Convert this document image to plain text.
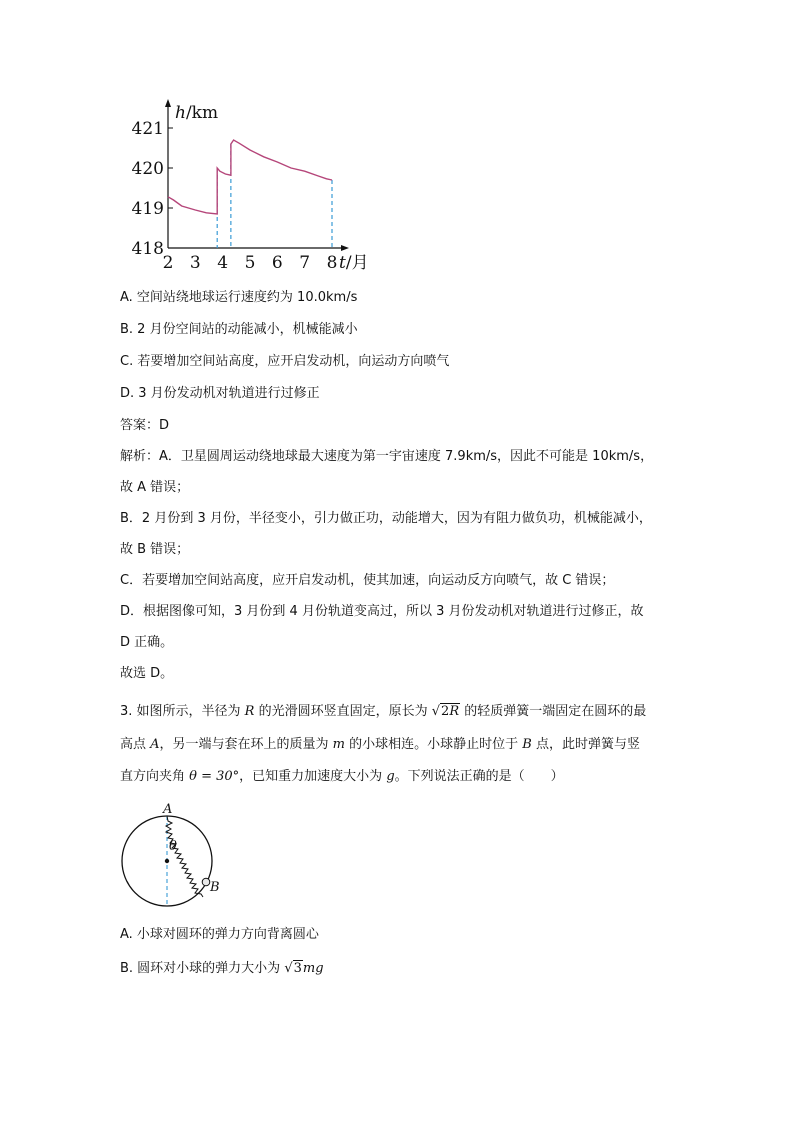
h/km
t/月
418
419
420
421
2 3 4 5 6 7 8
A. 空间站绕地球运行速度约为 10.0km/s
B. 2 月份空间站的动能减小，机械能减小
C. 若要增加空间站高度，应开启发动机，向运动方向喷气
D. 3 月份发动机对轨道进行过修正
答案：D
解析：A．卫星圆周运动绕地球最大速度为第一宇宙速度 7.9km/s，因此不可能是 10km/s，
故 A 错误；
B．2 月份到 3 月份，半径变小，引力做正功，动能增大，因为有阻力做负功，机械能减小，
故 B 错误；
C．若要增加空间站高度，应开启发动机，使其加速，向运动反方向喷气，故 C 错误；
D．根据图像可知，3 月份到 4 月份轨道变高过，所以 3 月份发动机对轨道进行过修正，故
D 正确。
故选 D。
3. 如图所示，半径为 R 的光滑圆环竖直固定，原长为 √2R 的轻质弹簧一端固定在圆环的最
高点 A，另一端与套在环上的质量为 m 的小球相连。小球静止时位于 B 点，此时弹簧与竖
直方向夹角 θ = 30°，已知重力加速度大小为 g。下列说法正确的是（　　）
A
B
θ
A. 小球对圆环的弹力方向背离圆心
B. 圆环对小球的弹力大小为 √3mg
